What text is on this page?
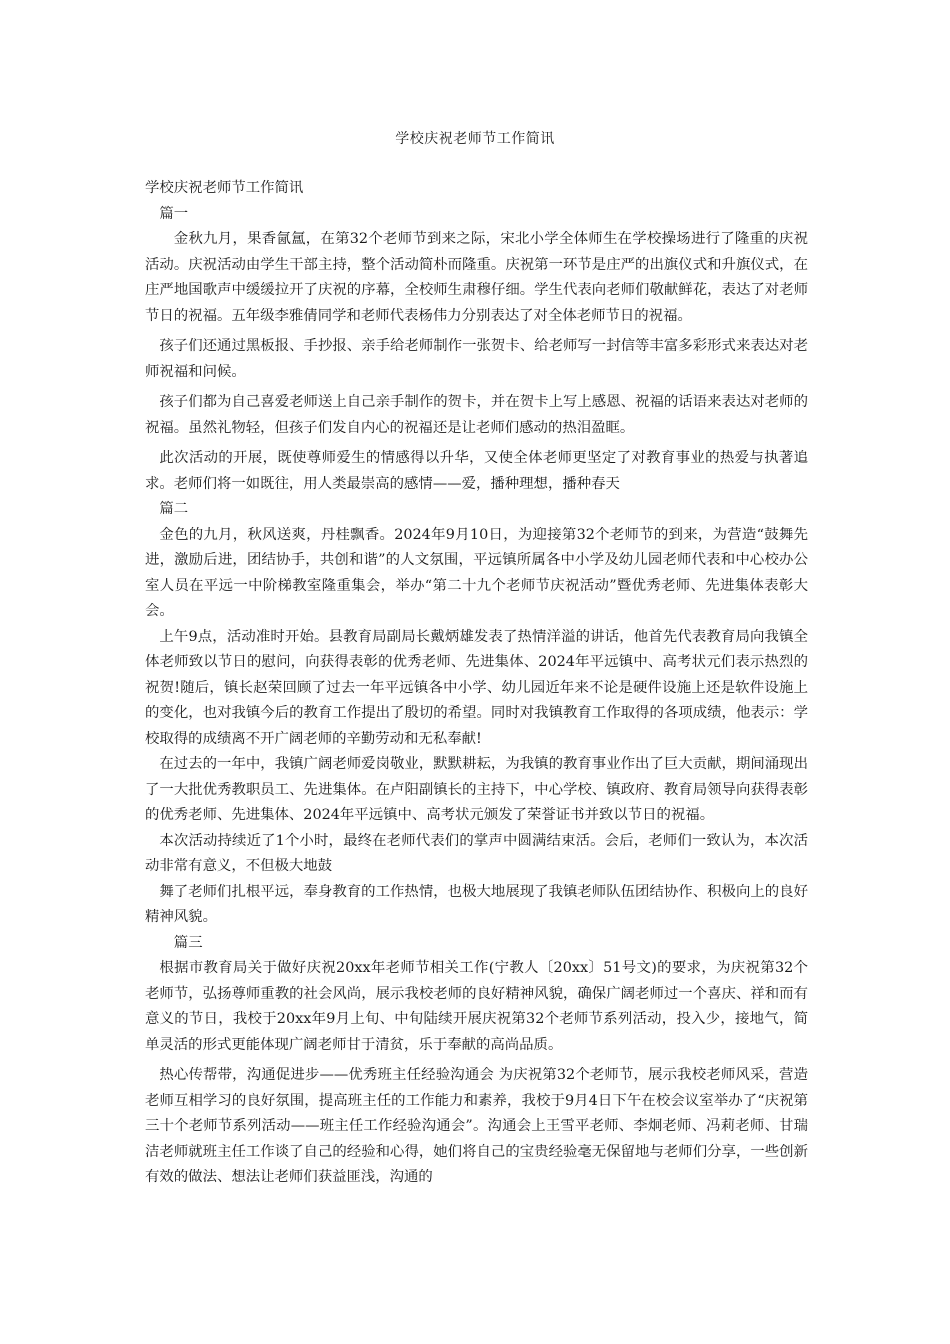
学校庆祝老师节工作简讯

学校庆祝老师节工作简讯

篇一

金秋九月，果香氤氲，在第32个老师节到来之际，宋北小学全体师生在学校操场进行了隆重的庆祝活动。庆祝活动由学生干部主持，整个活动简朴而隆重。庆祝第一环节是庄严的出旗仪式和升旗仪式，在庄严地国歌声中缓缓拉开了庆祝的序幕，全校师生肃穆仔细。学生代表向老师们敬献鲜花，表达了对老师节日的祝福。五年级李雅倩同学和老师代表杨伟力分别表达了对全体老师节日的祝福。

孩子们还通过黑板报、手抄报、亲手给老师制作一张贺卡、给老师写一封信等丰富多彩形式来表达对老师祝福和问候。

孩子们都为自己喜爱老师送上自己亲手制作的贺卡，并在贺卡上写上感恩、祝福的话语来表达对老师的祝福。虽然礼物轻，但孩子们发自内心的祝福还是让老师们感动的热泪盈眶。

此次活动的开展，既使尊师爱生的情感得以升华，又使全体老师更坚定了对教育事业的热爱与执著追求。老师们将一如既往，用人类最崇高的感情——爱，播种理想，播种春天

篇二

金色的九月，秋风送爽，丹桂飘香。2024年9月10日，为迎接第32个老师节的到来，为营造“鼓舞先进，激励后进，团结协手，共创和谐”的人文氛围，平远镇所属各中小学及幼儿园老师代表和中心校办公室人员在平远一中阶梯教室隆重集会，举办“第二十九个老师节庆祝活动”暨优秀老师、先进集体表彰大会。

上午9点，活动准时开始。县教育局副局长戴炳雄发表了热情洋溢的讲话，他首先代表教育局向我镇全体老师致以节日的慰问，向获得表彰的优秀老师、先进集体、2024年平远镇中、高考状元们表示热烈的祝贺!随后，镇长赵荣回顾了过去一年平远镇各中小学、幼儿园近年来不论是硬件设施上还是软件设施上的变化，也对我镇今后的教育工作提出了殷切的希望。同时对我镇教育工作取得的各项成绩，他表示：学校取得的成绩离不开广阔老师的辛勤劳动和无私奉献!

在过去的一年中，我镇广阔老师爱岗敬业，默默耕耘，为我镇的教育事业作出了巨大贡献，期间涌现出了一大批优秀教职员工、先进集体。在卢阳副镇长的主持下，中心学校、镇政府、教育局领导向获得表彰的优秀老师、先进集体、2024年平远镇中、高考状元颁发了荣誉证书并致以节日的祝福。

本次活动持续近了1个小时，最终在老师代表们的掌声中圆满结束活。会后，老师们一致认为，本次活动非常有意义，不但极大地鼓

舞了老师们扎根平远，奉身教育的工作热情，也极大地展现了我镇老师队伍团结协作、积极向上的良好精神风貌。

篇三

根据市教育局关于做好庆祝20xx年老师节相关工作(宁教人〔20xx〕51号文)的要求，为庆祝第32个老师节，弘扬尊师重教的社会风尚，展示我校老师的良好精神风貌，确保广阔老师过一个喜庆、祥和而有意义的节日，我校于20xx年9月上旬、中旬陆续开展庆祝第32个老师节系列活动，投入少，接地气，简单灵活的形式更能体现广阔老师甘于清贫，乐于奉献的高尚品质。

热心传帮带，沟通促进步——优秀班主任经验沟通会 为庆祝第32个老师节，展示我校老师风采，营造老师互相学习的良好氛围，提高班主任的工作能力和素养，我校于9月4日下午在校会议室举办了“庆祝第三十个老师节系列活动——班主任工作经验沟通会”。沟通会上王雪平老师、李炯老师、冯莉老师、甘瑞洁老师就班主任工作谈了自己的经验和心得，她们将自己的宝贵经验毫无保留地与老师们分享，一些创新有效的做法、想法让老师们获益匪浅，沟通的
